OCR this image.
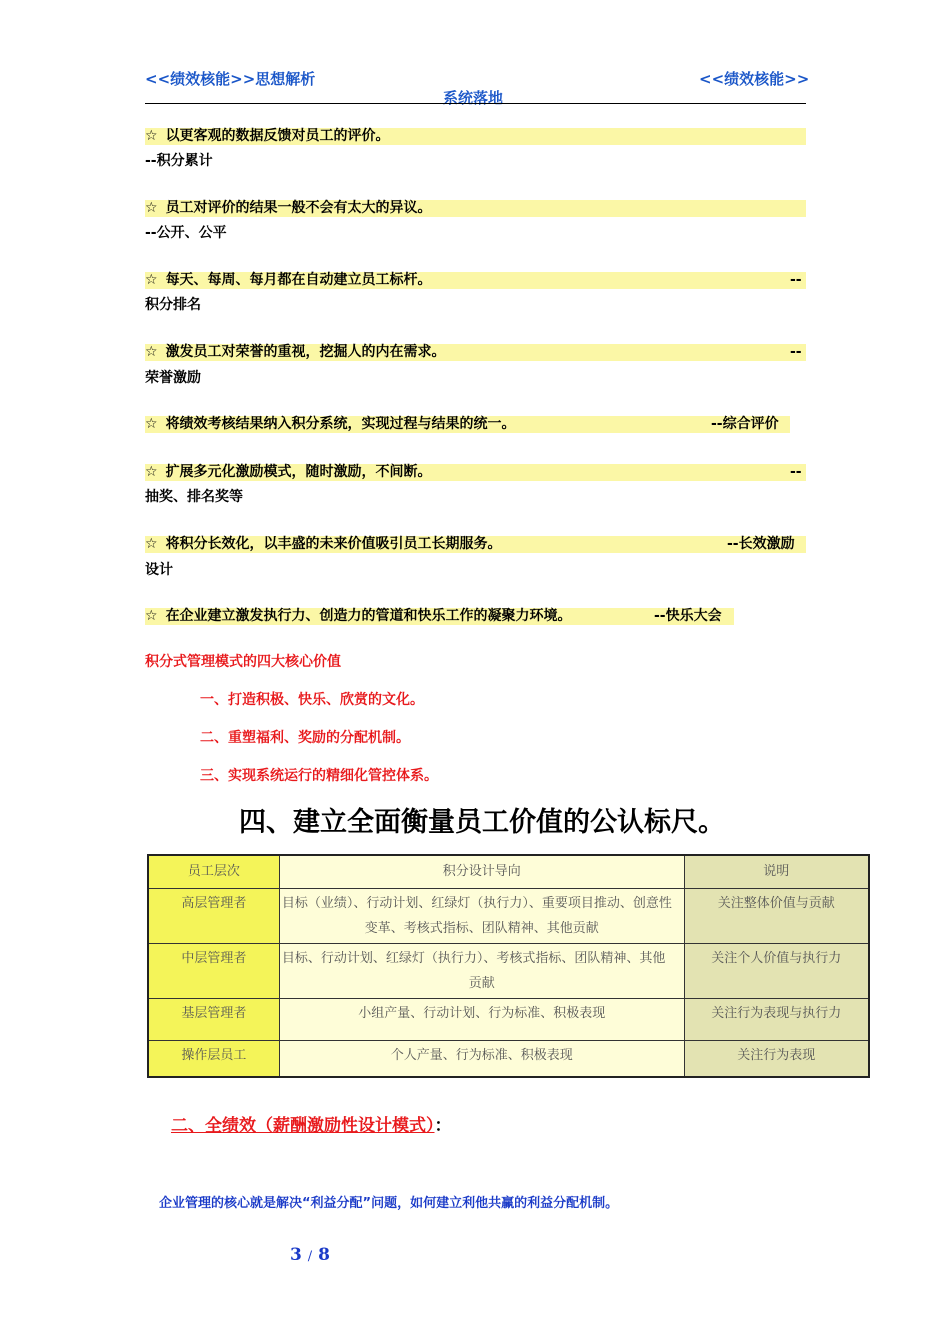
<<绩效核能>>思想解析	<<绩效核能>>
系统落地
☆ 以更客观的数据反馈对员工的评价。
--积分累计
☆ 员工对评价的结果一般不会有太大的异议。
--公开、公平
☆ 每天、每周、每月都在自动建立员工标杆。	--
积分排名
☆ 激发员工对荣誉的重视，挖掘人的内在需求。	--
荣誉激励
☆ 将绩效考核结果纳入积分系统，实现过程与结果的统一。	--综合评价
☆ 扩展多元化激励模式，随时激励，不间断。	--
抽奖、排名奖等
☆ 将积分长效化，以丰盛的未来价值吸引员工长期服务。	--长效激励
设计
☆ 在企业建立激发执行力、创造力的管道和快乐工作的凝聚力环境。	--快乐大会
积分式管理模式的四大核心价值
一、打造积极、快乐、欣赏的文化。
二、重塑福利、奖励的分配机制。
三、实现系统运行的精细化管控体系。
四、建立全面衡量员工价值的公认标尺。
员工层次	积分设计导向	说明
高层管理者	目标（业绩）、行动计划、红绿灯（执行力）、重要项目推动、创意性
变革、考核式指标、团队精神、其他贡献	关注整体价值与贡献
中层管理者	目标、行动计划、红绿灯（执行力）、考核式指标、团队精神、其他
贡献	关注个人价值与执行力
基层管理者	小组产量、行动计划、行为标准、积极表现	关注行为表现与执行力
操作层员工	个人产量、行为标准、积极表现	关注行为表现
二、全绩效（薪酬激励性设计模式）：
企业管理的核心就是解决“利益分配”问题，如何建立利他共赢的利益分配机制。
3 / 8
